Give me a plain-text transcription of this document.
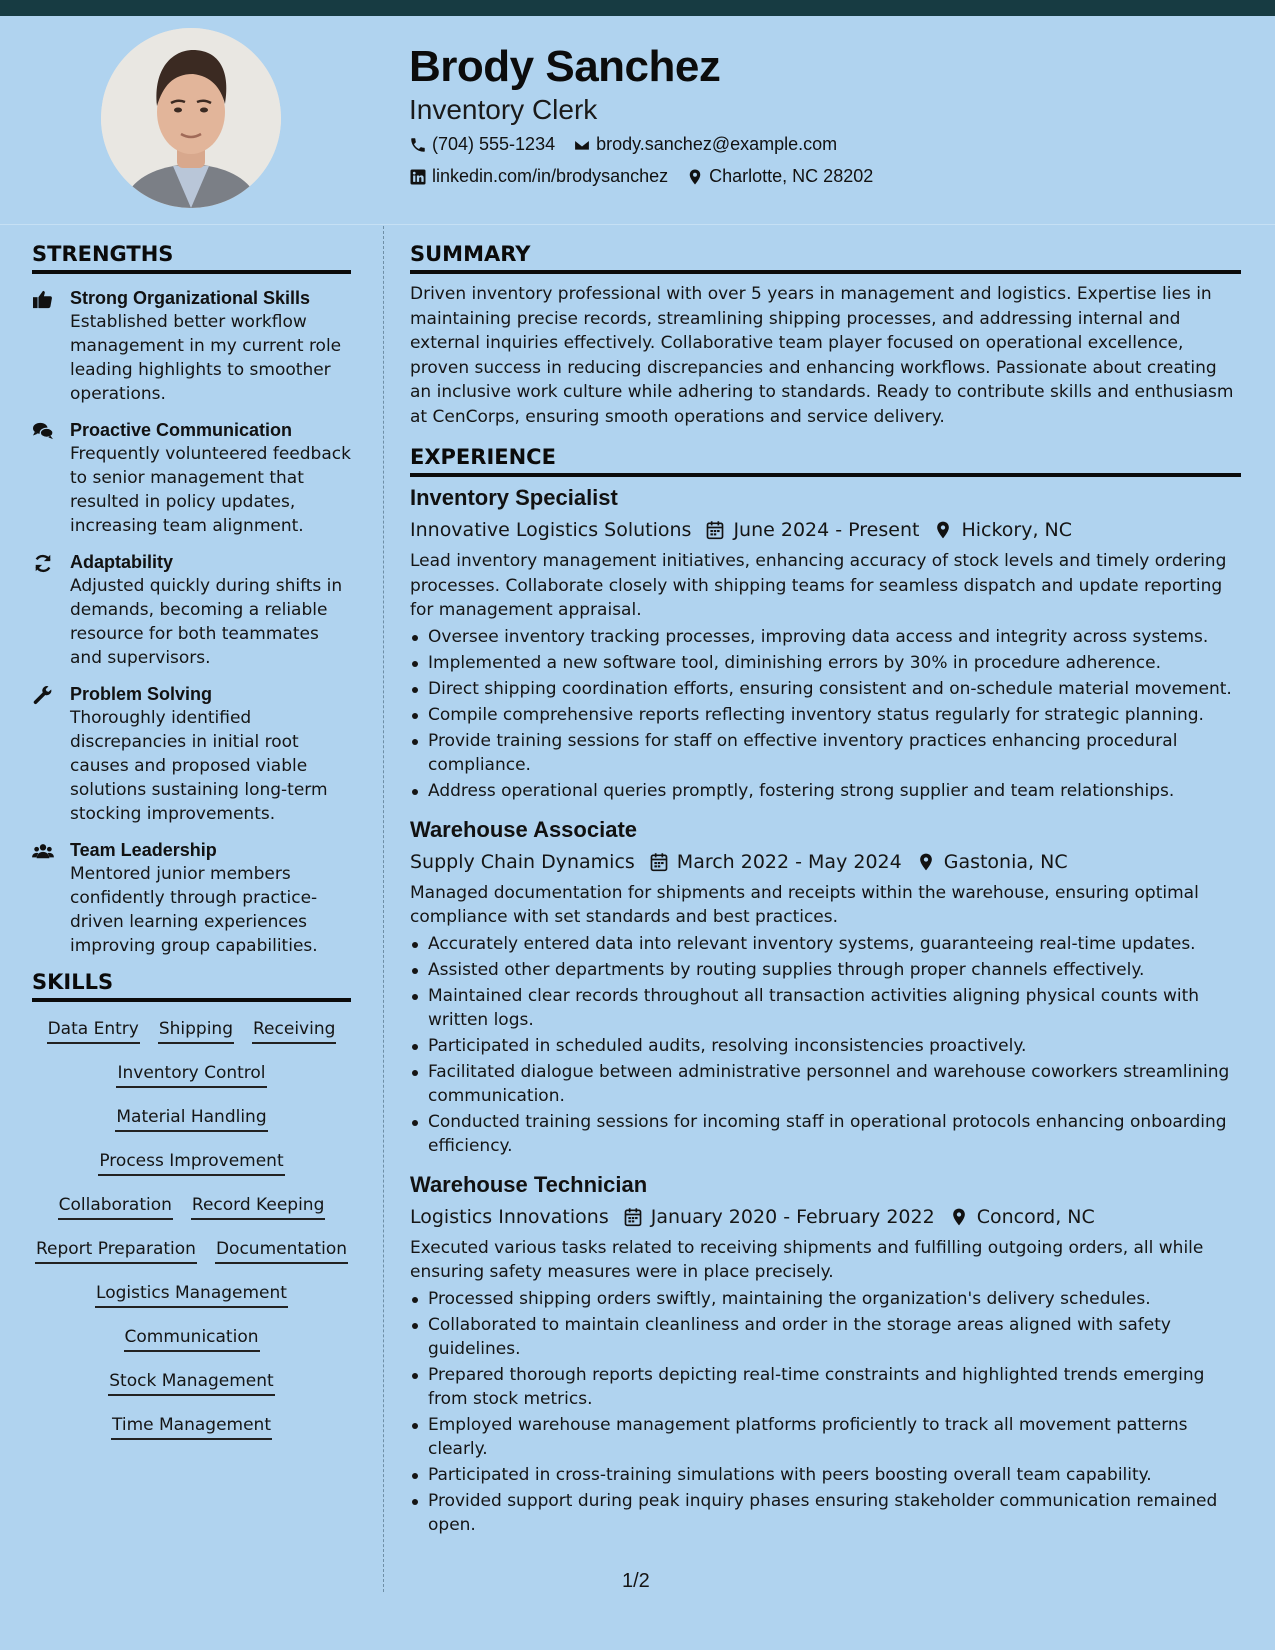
Brody Sanchez
Inventory Clerk
(704) 555-1234 brody.sanchez@example.com
linkedin.com/in/brodysanchez Charlotte, NC 28202
STRENGTHS
Strong Organizational Skills
Established better workflow management in my current role leading highlights to smoother operations.
Proactive Communication
Frequently volunteered feedback to senior management that resulted in policy updates, increasing team alignment.
Adaptability
Adjusted quickly during shifts in demands, becoming a reliable resource for both teammates and supervisors.
Problem Solving
Thoroughly identified discrepancies in initial root causes and proposed viable solutions sustaining long-term stocking improvements.
Team Leadership
Mentored junior members confidently through practice-driven learning experiences improving group capabilities.
SKILLS
Data Entry Shipping Receiving
Inventory Control
Material Handling
Process Improvement
Collaboration Record Keeping
Report Preparation Documentation
Logistics Management
Communication
Stock Management
Time Management
SUMMARY
Driven inventory professional with over 5 years in management and logistics. Expertise lies in maintaining precise records, streamlining shipping processes, and addressing internal and external inquiries effectively. Collaborative team player focused on operational excellence, proven success in reducing discrepancies and enhancing workflows. Passionate about creating an inclusive work culture while adhering to standards. Ready to contribute skills and enthusiasm at CenCorps, ensuring smooth operations and service delivery.
EXPERIENCE
Inventory Specialist
Innovative Logistics Solutions June 2024 - Present Hickory, NC
Lead inventory management initiatives, enhancing accuracy of stock levels and timely ordering processes. Collaborate closely with shipping teams for seamless dispatch and update reporting for management appraisal.
Oversee inventory tracking processes, improving data access and integrity across systems.
Implemented a new software tool, diminishing errors by 30% in procedure adherence.
Direct shipping coordination efforts, ensuring consistent and on-schedule material movement.
Compile comprehensive reports reflecting inventory status regularly for strategic planning.
Provide training sessions for staff on effective inventory practices enhancing procedural compliance.
Address operational queries promptly, fostering strong supplier and team relationships.
Warehouse Associate
Supply Chain Dynamics March 2022 - May 2024 Gastonia, NC
Managed documentation for shipments and receipts within the warehouse, ensuring optimal compliance with set standards and best practices.
Accurately entered data into relevant inventory systems, guaranteeing real-time updates.
Assisted other departments by routing supplies through proper channels effectively.
Maintained clear records throughout all transaction activities aligning physical counts with written logs.
Participated in scheduled audits, resolving inconsistencies proactively.
Facilitated dialogue between administrative personnel and warehouse coworkers streamlining communication.
Conducted training sessions for incoming staff in operational protocols enhancing onboarding efficiency.
Warehouse Technician
Logistics Innovations January 2020 - February 2022 Concord, NC
Executed various tasks related to receiving shipments and fulfilling outgoing orders, all while ensuring safety measures were in place precisely.
Processed shipping orders swiftly, maintaining the organization's delivery schedules.
Collaborated to maintain cleanliness and order in the storage areas aligned with safety guidelines.
Prepared thorough reports depicting real-time constraints and highlighted trends emerging from stock metrics.
Employed warehouse management platforms proficiently to track all movement patterns clearly.
Participated in cross-training simulations with peers boosting overall team capability.
Provided support during peak inquiry phases ensuring stakeholder communication remained open.
1/2
